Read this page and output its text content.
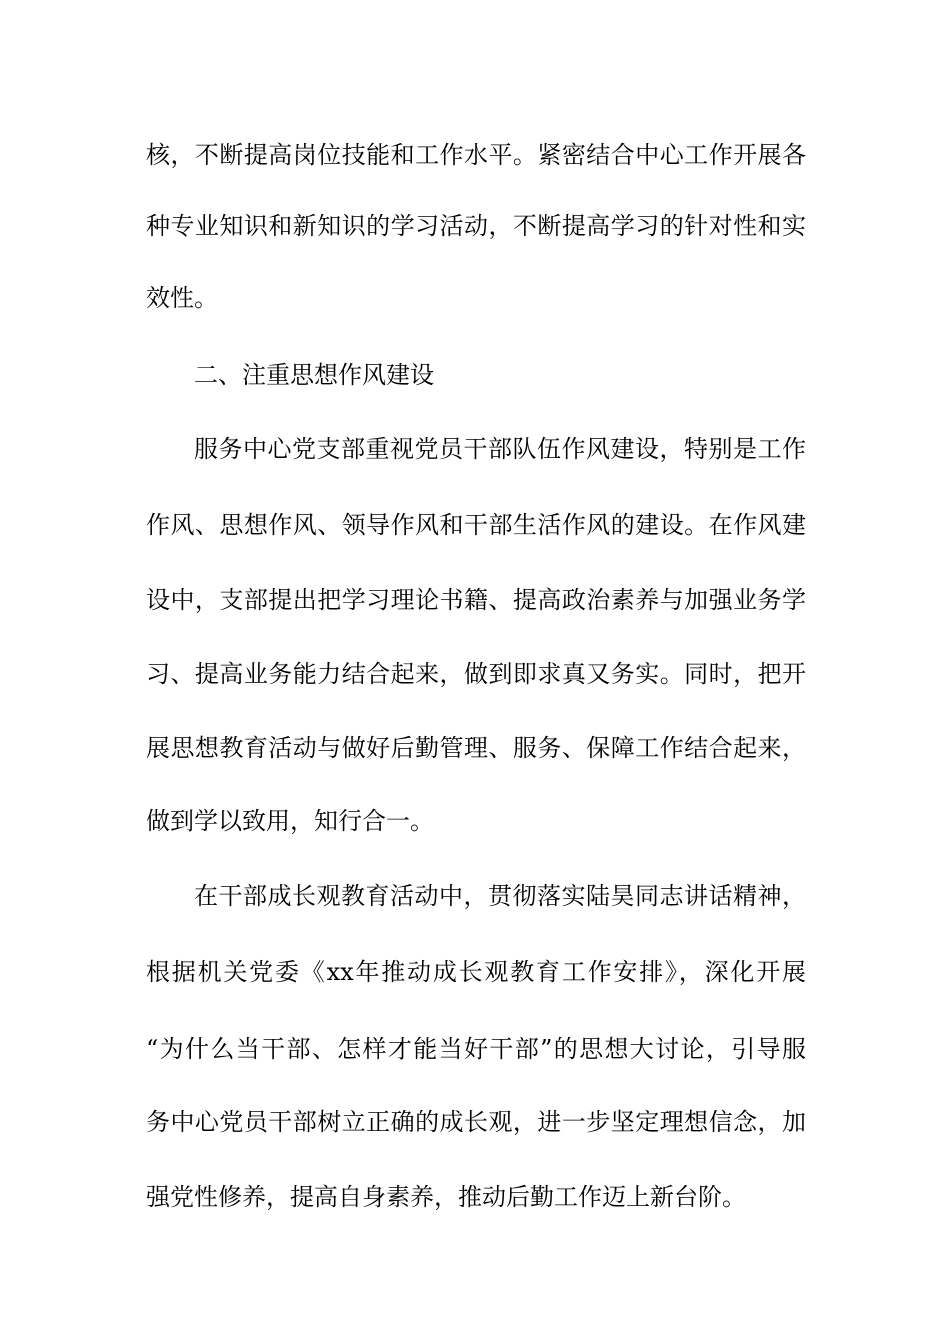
核，不断提高岗位技能和工作水平。紧密结合中心工作开展各
种专业知识和新知识的学习活动，不断提高学习的针对性和实
效性。
二、注重思想作风建设
服务中心党支部重视党员干部队伍作风建设，特别是工作
作风、思想作风、领导作风和干部生活作风的建设。在作风建
设中，支部提出把学习理论书籍、提高政治素养与加强业务学
习、提高业务能力结合起来，做到即求真又务实。同时，把开
展思想教育活动与做好后勤管理、服务、保障工作结合起来，
做到学以致用，知行合一。
在干部成长观教育活动中，贯彻落实陆昊同志讲话精神，
根据机关党委《xx年推动成长观教育工作安排》，深化开展
“为什么当干部、怎样才能当好干部”的思想大讨论，引导服
务中心党员干部树立正确的成长观，进一步坚定理想信念，加
强党性修养，提高自身素养，推动后勤工作迈上新台阶。
